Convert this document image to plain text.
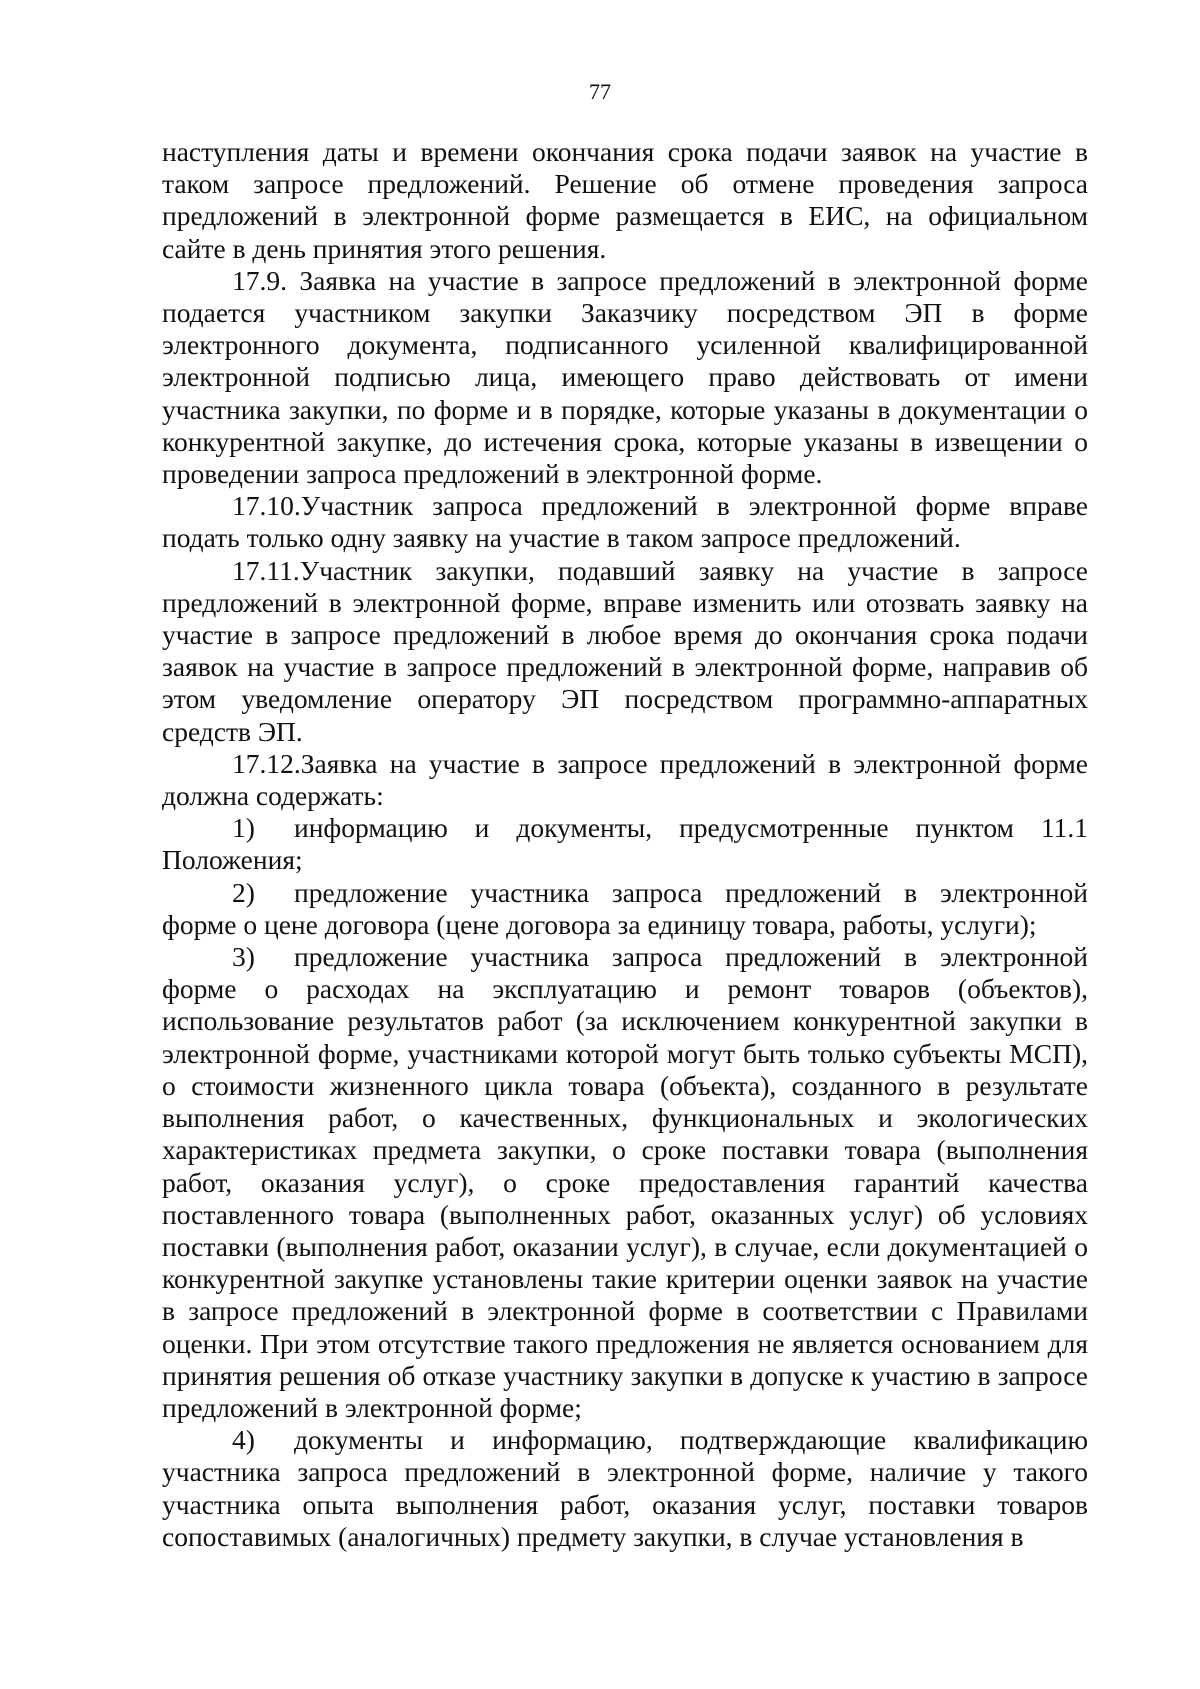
77

наступления даты и времени окончания срока подачи заявок на участие в таком запросе предложений. Решение об отмене проведения запроса предложений в электронной форме размещается в ЕИС, на официальном сайте в день принятия этого решения.

17.9. Заявка на участие в запросе предложений в электронной форме подается участником закупки Заказчику посредством ЭП в форме электронного документа, подписанного усиленной квалифицированной электронной подписью лица, имеющего право действовать от имени участника закупки, по форме и в порядке, которые указаны в документации о конкурентной закупке, до истечения срока, которые указаны в извещении о проведении запроса предложений в электронной форме.

17.10.Участник запроса предложений в электронной форме вправе подать только одну заявку на участие в таком запросе предложений.

17.11.Участник закупки, подавший заявку на участие в запросе предложений в электронной форме, вправе изменить или отозвать заявку на участие в запросе предложений в любое время до окончания срока подачи заявок на участие в запросе предложений в электронной форме, направив об этом уведомление оператору ЭП посредством программно-аппаратных средств ЭП.

17.12.Заявка на участие в запросе предложений в электронной форме должна содержать:

1) информацию и документы, предусмотренные пунктом 11.1 Положения;

2) предложение участника запроса предложений в электронной форме о цене договора (цене договора за единицу товара, работы, услуги);

3) предложение участника запроса предложений в электронной форме о расходах на эксплуатацию и ремонт товаров (объектов), использование результатов работ (за исключением конкурентной закупки в электронной форме, участниками которой могут быть только субъекты МСП), о стоимости жизненного цикла товара (объекта), созданного в результате выполнения работ, о качественных, функциональных и экологических характеристиках предмета закупки, о сроке поставки товара (выполнения работ, оказания услуг), о сроке предоставления гарантий качества поставленного товара (выполненных работ, оказанных услуг) об условиях поставки (выполнения работ, оказании услуг), в случае, если документацией о конкурентной закупке установлены такие критерии оценки заявок на участие в запросе предложений в электронной форме в соответствии с Правилами оценки. При этом отсутствие такого предложения не является основанием для принятия решения об отказе участнику закупки в допуске к участию в запросе предложений в электронной форме;

4) документы и информацию, подтверждающие квалификацию участника запроса предложений в электронной форме, наличие у такого участника опыта выполнения работ, оказания услуг, поставки товаров сопоставимых (аналогичных) предмету закупки, в случае установления в
